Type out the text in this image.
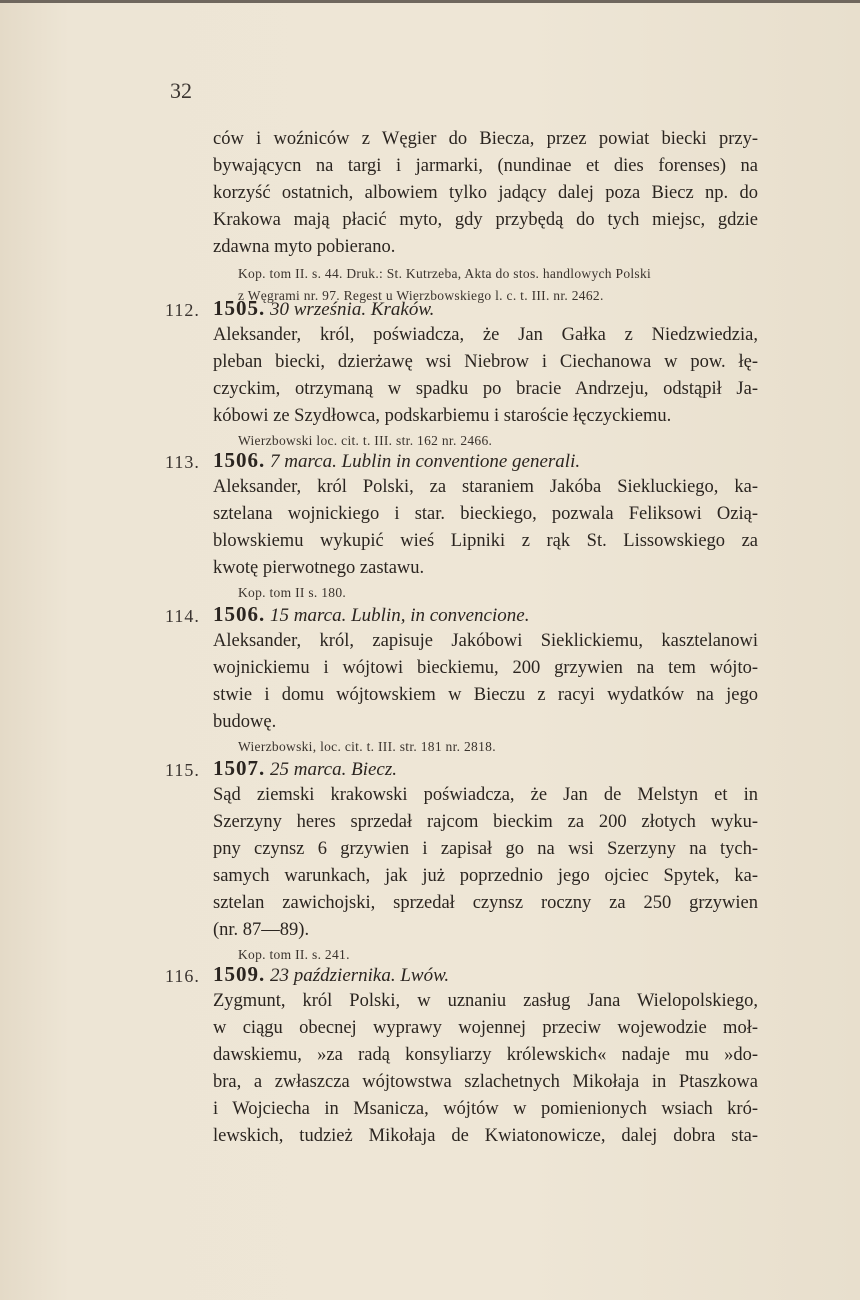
32

ców i woźniców z Węgier do Biecza, przez powiat biecki przy-
bywającycn na targi i jarmarki, (nundinae et dies forenses) na
korzyść ostatnich, albowiem tylko jadący dalej poza Biecz np. do
Krakowa mają płacić myto, gdy przybędą do tych miejsc, gdzie
zdawna myto pobierano.

Kop. tom II. s. 44. Druk.: St. Kutrzeba, Akta do stos. handlowych Polski
z Węgrami nr. 97. Regest u Wierzbowskiego l. c. t. III. nr. 2462.

112. 1505. 30 września. Kraków.

Aleksander, król, poświadcza, że Jan Gałka z Niedzwiedzia,
pleban biecki, dzierżawę wsi Niebrow i Ciechanowa w pow. łę-
czyckim, otrzymaną w spadku po bracie Andrzeju, odstąpił Ja-
kóbowi ze Szydłowca, podskarbiemu i staroście łęczyckiemu.

Wierzbowski loc. cit. t. III. str. 162 nr. 2466.

113. 1506. 7 marca. Lublin in conventione generali.

Aleksander, król Polski, za staraniem Jakóba Siekluckiego, ka-
sztelana wojnickiego i star. bieckiego, pozwala Feliksowi Ozią-
blowskiemu wykupić wieś Lipniki z rąk St. Lissowskiego za
kwotę pierwotnego zastawu.

Kop. tom II s. 180.

114. 1506. 15 marca. Lublin, in convencione.

Aleksander, król, zapisuje Jakóbowi Sieklickiemu, kasztelanowi
wojnickiemu i wójtowi bieckiemu, 200 grzywien na tem wójto-
stwie i domu wójtowskiem w Bieczu z racyi wydatków na jego
budowę.

Wierzbowski, loc. cit. t. III. str. 181 nr. 2818.

115. 1507. 25 marca. Biecz.

Sąd ziemski krakowski poświadcza, że Jan de Melstyn et in
Szerzyny heres sprzedał rajcom bieckim za 200 złotych wyku-
pny czynsz 6 grzywien i zapisał go na wsi Szerzyny na tych-
samych warunkach, jak już poprzednio jego ojciec Spytek, ka-
sztelan zawichojski, sprzedał czynsz roczny za 250 grzywien
(nr. 87—89).

Kop. tom II. s. 241.

116. 1509. 23 października. Lwów.

Zygmunt, król Polski, w uznaniu zasług Jana Wielopolskiego,
w ciągu obecnej wyprawy wojennej przeciw wojewodzie moł-
dawskiemu, »za radą konsyliarzy królewskich« nadaje mu »do-
bra, a zwłaszcza wójtowstwa szlachetnych Mikołaja in Ptaszkowa
i Wojciecha in Msanicza, wójtów w pomienionych wsiach kró-
lewskich, tudzież Mikołaja de Kwiatonowicze, dalej dobra sta-
